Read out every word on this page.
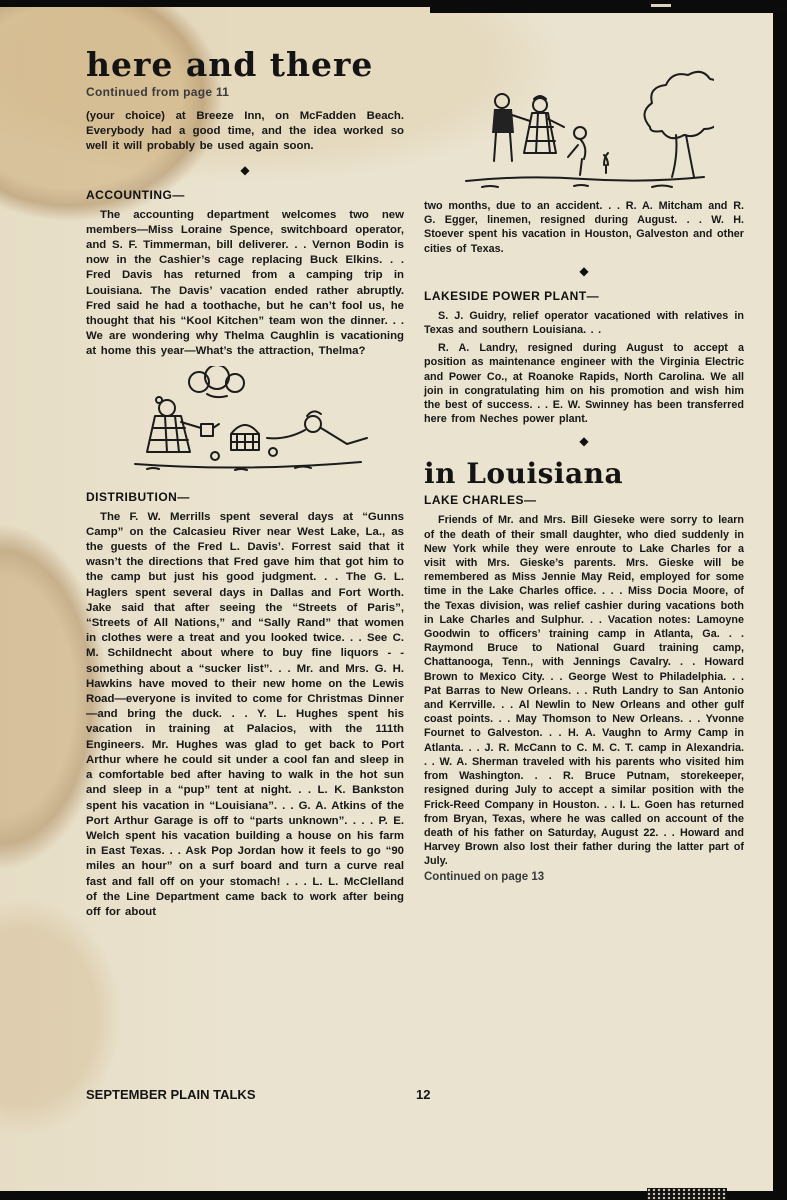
here and there
Continued from page 11

(your choice) at Breeze Inn, on McFadden Beach. Everybody had a good time, and the idea worked so well it will probably be used again soon.

◆
ACCOUNTING—

The accounting department welcomes two new members—Miss Loraine Spence, switchboard operator, and S. F. Timmerman, bill deliverer. . . Vernon Bodin is now in the Cashier’s cage replacing Buck Elkins. . . Fred Davis has returned from a camping trip in Louisiana. The Davis’ vacation ended rather abruptly. Fred said he had a toothache, but he can’t fool us, he thought that his “Kool Kitchen” team won the dinner. . . We are wondering why Thelma Caughlin is vacationing at home this year—What’s the attraction, Thelma?

DISTRIBUTION—

The F. W. Merrills spent several days at “Gunns Camp” on the Calcasieu River near West Lake, La., as the guests of the Fred L. Davis’. Forrest said that it wasn’t the directions that Fred gave him that got him to the camp but just his good judgment. . . The G. L. Haglers spent several days in Dallas and Fort Worth. Jake said that after seeing the “Streets of Paris”, “Streets of All Nations,” and “Sally Rand” that women in clothes were a treat and you looked twice. . . See C. M. Schildnecht about where to buy fine liquors - - something about a “sucker list”. . . Mr. and Mrs. G. H. Hawkins have moved to their new home on the Lewis Road—everyone is invited to come for Christmas Dinner—and bring the duck. . . Y. L. Hughes spent his vacation in training at Palacios, with the 111th Engineers. Mr. Hughes was glad to get back to Port Arthur where he could sit under a cool fan and sleep in a comfortable bed after having to walk in the hot sun and sleep in a “pup” tent at night. . . L. K. Bankston spent his vacation in “Louisiana”. . . G. A. Atkins of the Port Arthur Garage is off to “parts unknown”. . . . P. E. Welch spent his vacation building a house on his farm in East Texas. . . Ask Pop Jordan how it feels to go “90 miles an hour” on a surf board and turn a curve real fast and fall off on your stomach! . . . L. L. McClelland of the Line Department came back to work after being off for about

two months, due to an accident. . . R. A. Mitcham and R. G. Egger, linemen, resigned during August. . . W. H. Stoever spent his vacation in Houston, Galveston and other cities of Texas.

◆
LAKESIDE POWER PLANT—

S. J. Guidry, relief operator vacationed with relatives in Texas and southern Louisiana. . .

R. A. Landry, resigned during August to accept a position as maintenance engineer with the Virginia Electric and Power Co., at Roanoke Rapids, North Carolina. We all join in congratulating him on his promotion and wish him the best of success. . . E. W. Swinney has been transferred here from Neches power plant.

◆
in Louisiana
LAKE CHARLES—

Friends of Mr. and Mrs. Bill Gieseke were sorry to learn of the death of their small daughter, who died suddenly in New York while they were enroute to Lake Charles for a visit with Mrs. Gieske’s parents. Mrs. Gieske will be remembered as Miss Jennie May Reid, employed for some time in the Lake Charles office. . . . Miss Docia Moore, of the Texas division, was relief cashier during vacations both in Lake Charles and Sulphur. . . Vacation notes: Lamoyne Goodwin to officers’ training camp in Atlanta, Ga. . . Raymond Bruce to National Guard training camp, Chattanooga, Tenn., with Jennings Cavalry. . . Howard Brown to Mexico City. . . George West to Philadelphia. . . Pat Barras to New Orleans. . . Ruth Landry to San Antonio and Kerrville. . . Al Newlin to New Orleans and other gulf coast points. . . May Thomson to New Orleans. . . Yvonne Fournet to Galveston. . . H. A. Vaughn to Army Camp in Atlanta. . . J. R. McCann to C. M. C. T. camp in Alexandria. . . W. A. Sherman traveled with his parents who visited him from Washington. . . R. Bruce Putnam, storekeeper, resigned during July to accept a similar position with the Frick-Reed Company in Houston. . . I. L. Goen has returned from Bryan, Texas, where he was called on account of the death of his father on Saturday, August 22. . . Howard and Harvey Brown also lost their father during the latter part of July.

Continued on page 13
SEPTEMBER PLAIN TALKS	12
